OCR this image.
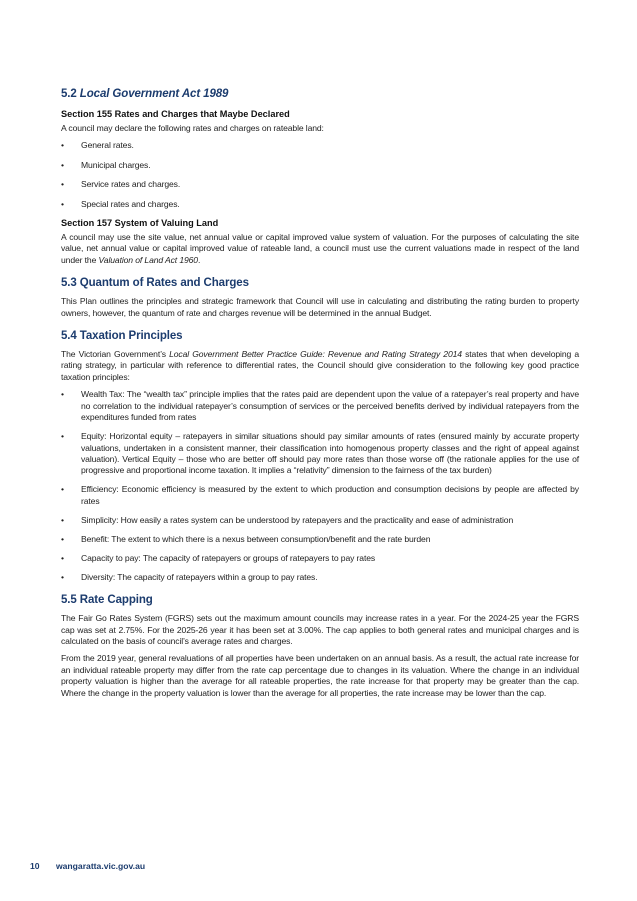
5.2 Local Government Act 1989
Section 155 Rates and Charges that Maybe Declared

A council may declare the following rates and charges on rateable land:

• General rates.
• Municipal charges.
• Service rates and charges.
• Special rates and charges.
Section 157 System of Valuing Land

A council may use the site value, net annual value or capital improved value system of valuation. For the purposes of calculating the site value, net annual value or capital improved value of rateable land, a council must use the current valuations made in respect of the land under the Valuation of Land Act 1960.

5.3 Quantum of Rates and Charges

This Plan outlines the principles and strategic framework that Council will use in calculating and distributing the rating burden to property owners, however, the quantum of rate and charges revenue will be determined in the annual Budget.

5.4 Taxation Principles

The Victorian Government’s Local Government Better Practice Guide: Revenue and Rating Strategy 2014 states that when developing a rating strategy, in particular with reference to differential rates, the Council should give consideration to the following key good practice taxation principles:

• Wealth Tax: The “wealth tax” principle implies that the rates paid are dependent upon the value of a ratepayer’s real property and have no correlation to the individual ratepayer’s consumption of services or the perceived benefits derived by individual ratepayers from the expenditures funded from rates
• Equity: Horizontal equity – ratepayers in similar situations should pay similar amounts of rates (ensured mainly by accurate property valuations, undertaken in a consistent manner, their classification into homogenous property classes and the right of appeal against valuation). Vertical Equity – those who are better off should pay more rates than those worse off (the rationale applies for the use of progressive and proportional income taxation. It implies a “relativity” dimension to the fairness of the tax burden)
• Efficiency: Economic efficiency is measured by the extent to which production and consumption decisions by people are affected by rates
• Simplicity: How easily a rates system can be understood by ratepayers and the practicality and ease of administration
• Benefit: The extent to which there is a nexus between consumption/benefit and the rate burden
• Capacity to pay: The capacity of ratepayers or groups of ratepayers to pay rates
• Diversity: The capacity of ratepayers within a group to pay rates.
5.5 Rate Capping

The Fair Go Rates System (FGRS) sets out the maximum amount councils may increase rates in a year. For the 2024-25 year the FGRS cap was set at 2.75%. For the 2025-26 year it has been set at 3.00%. The cap applies to both general rates and municipal charges and is calculated on the basis of council’s average rates and charges.

From the 2019 year, general revaluations of all properties have been undertaken on an annual basis. As a result, the actual rate increase for an individual rateable property may differ from the rate cap percentage due to changes in its valuation. Where the change in an individual property valuation is higher than the average for all rateable properties, the rate increase for that property may be greater than the cap. Where the change in the property valuation is lower than the average for all properties, the rate increase may be lower than the cap.

10 wangaratta.vic.gov.au
